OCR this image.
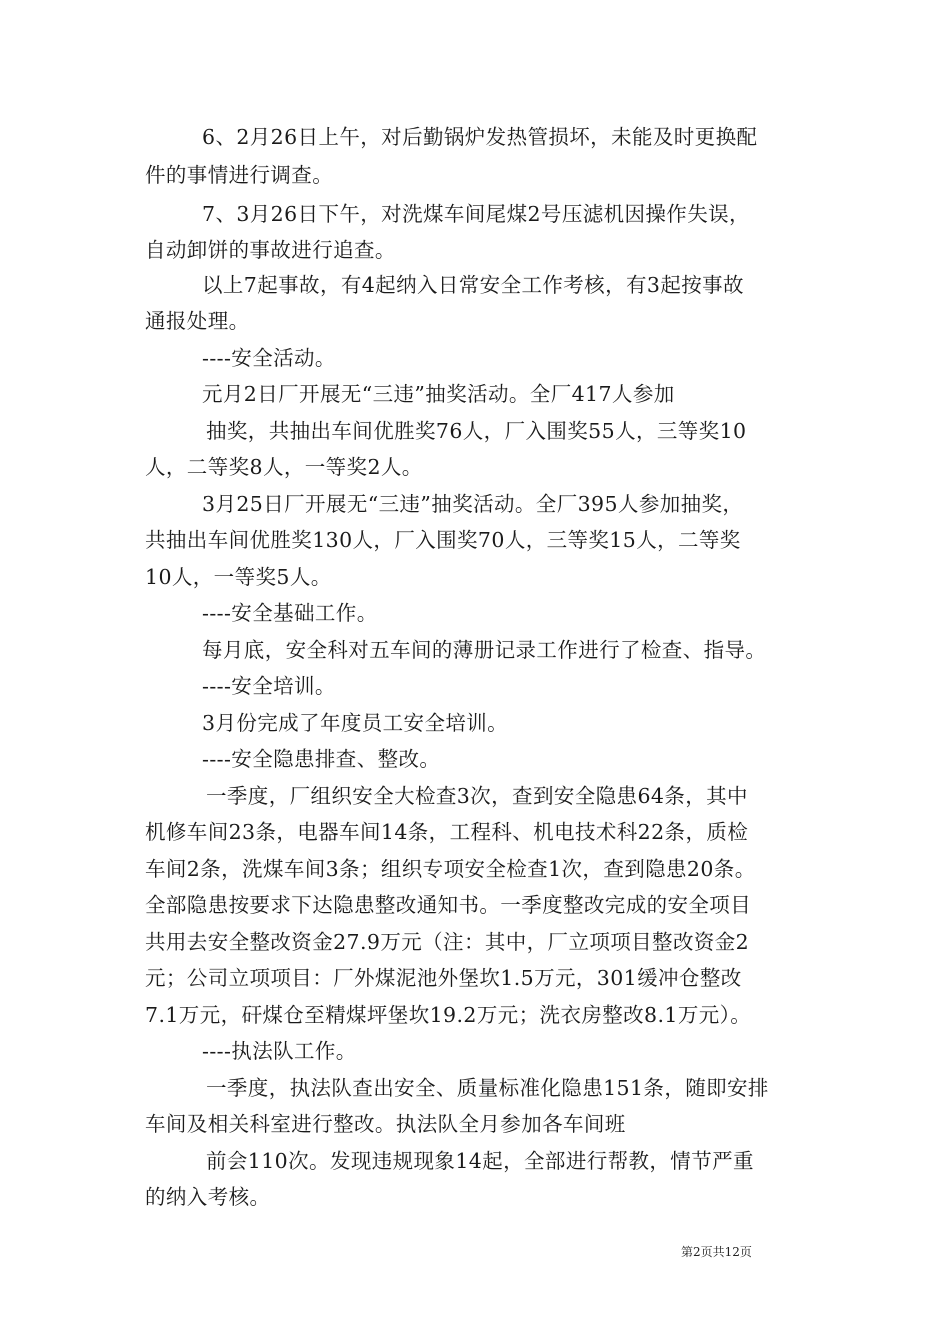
6、2月26日上午，对后勤锅炉发热管损坏，未能及时更换配
件的事情进行调查。
7、3月26日下午，对洗煤车间尾煤2号压滤机因操作失误，
自动卸饼的事故进行追查。
以上7起事故，有4起纳入日常安全工作考核，有3起按事故
通报处理。
----安全活动。
元月2日厂开展无“三违”抽奖活动。全厂417人参加
抽奖，共抽出车间优胜奖76人，厂入围奖55人，三等奖10
人，二等奖8人，一等奖2人。
3月25日厂开展无“三违”抽奖活动。全厂395人参加抽奖，
共抽出车间优胜奖130人，厂入围奖70人，三等奖15人，二等奖
10人，一等奖5人。
----安全基础工作。
每月底，安全科对五车间的薄册记录工作进行了检查、指导。
----安全培训。
3月份完成了年度员工安全培训。
----安全隐患排查、整改。
一季度，厂组织安全大检查3次，查到安全隐患64条，其中
机修车间23条，电器车间14条，工程科、机电技术科22条，质检
车间2条，洗煤车间3条；组织专项安全检查1次，查到隐患20条。
全部隐患按要求下达隐患整改通知书。一季度整改完成的安全项目
共用去安全整改资金27.9万元（注：其中，厂立项项目整改资金2
元；公司立项项目：厂外煤泥池外堡坎1.5万元，301缓冲仓整改
7.1万元，矸煤仓至精煤坪堡坎19.2万元；洗衣房整改8.1万元）。
----执法队工作。
一季度，执法队查出安全、质量标准化隐患151条，随即安排
车间及相关科室进行整改。执法队全月参加各车间班
前会110次。发现违规现象14起，全部进行帮教，情节严重
的纳入考核。
第2页共12页
